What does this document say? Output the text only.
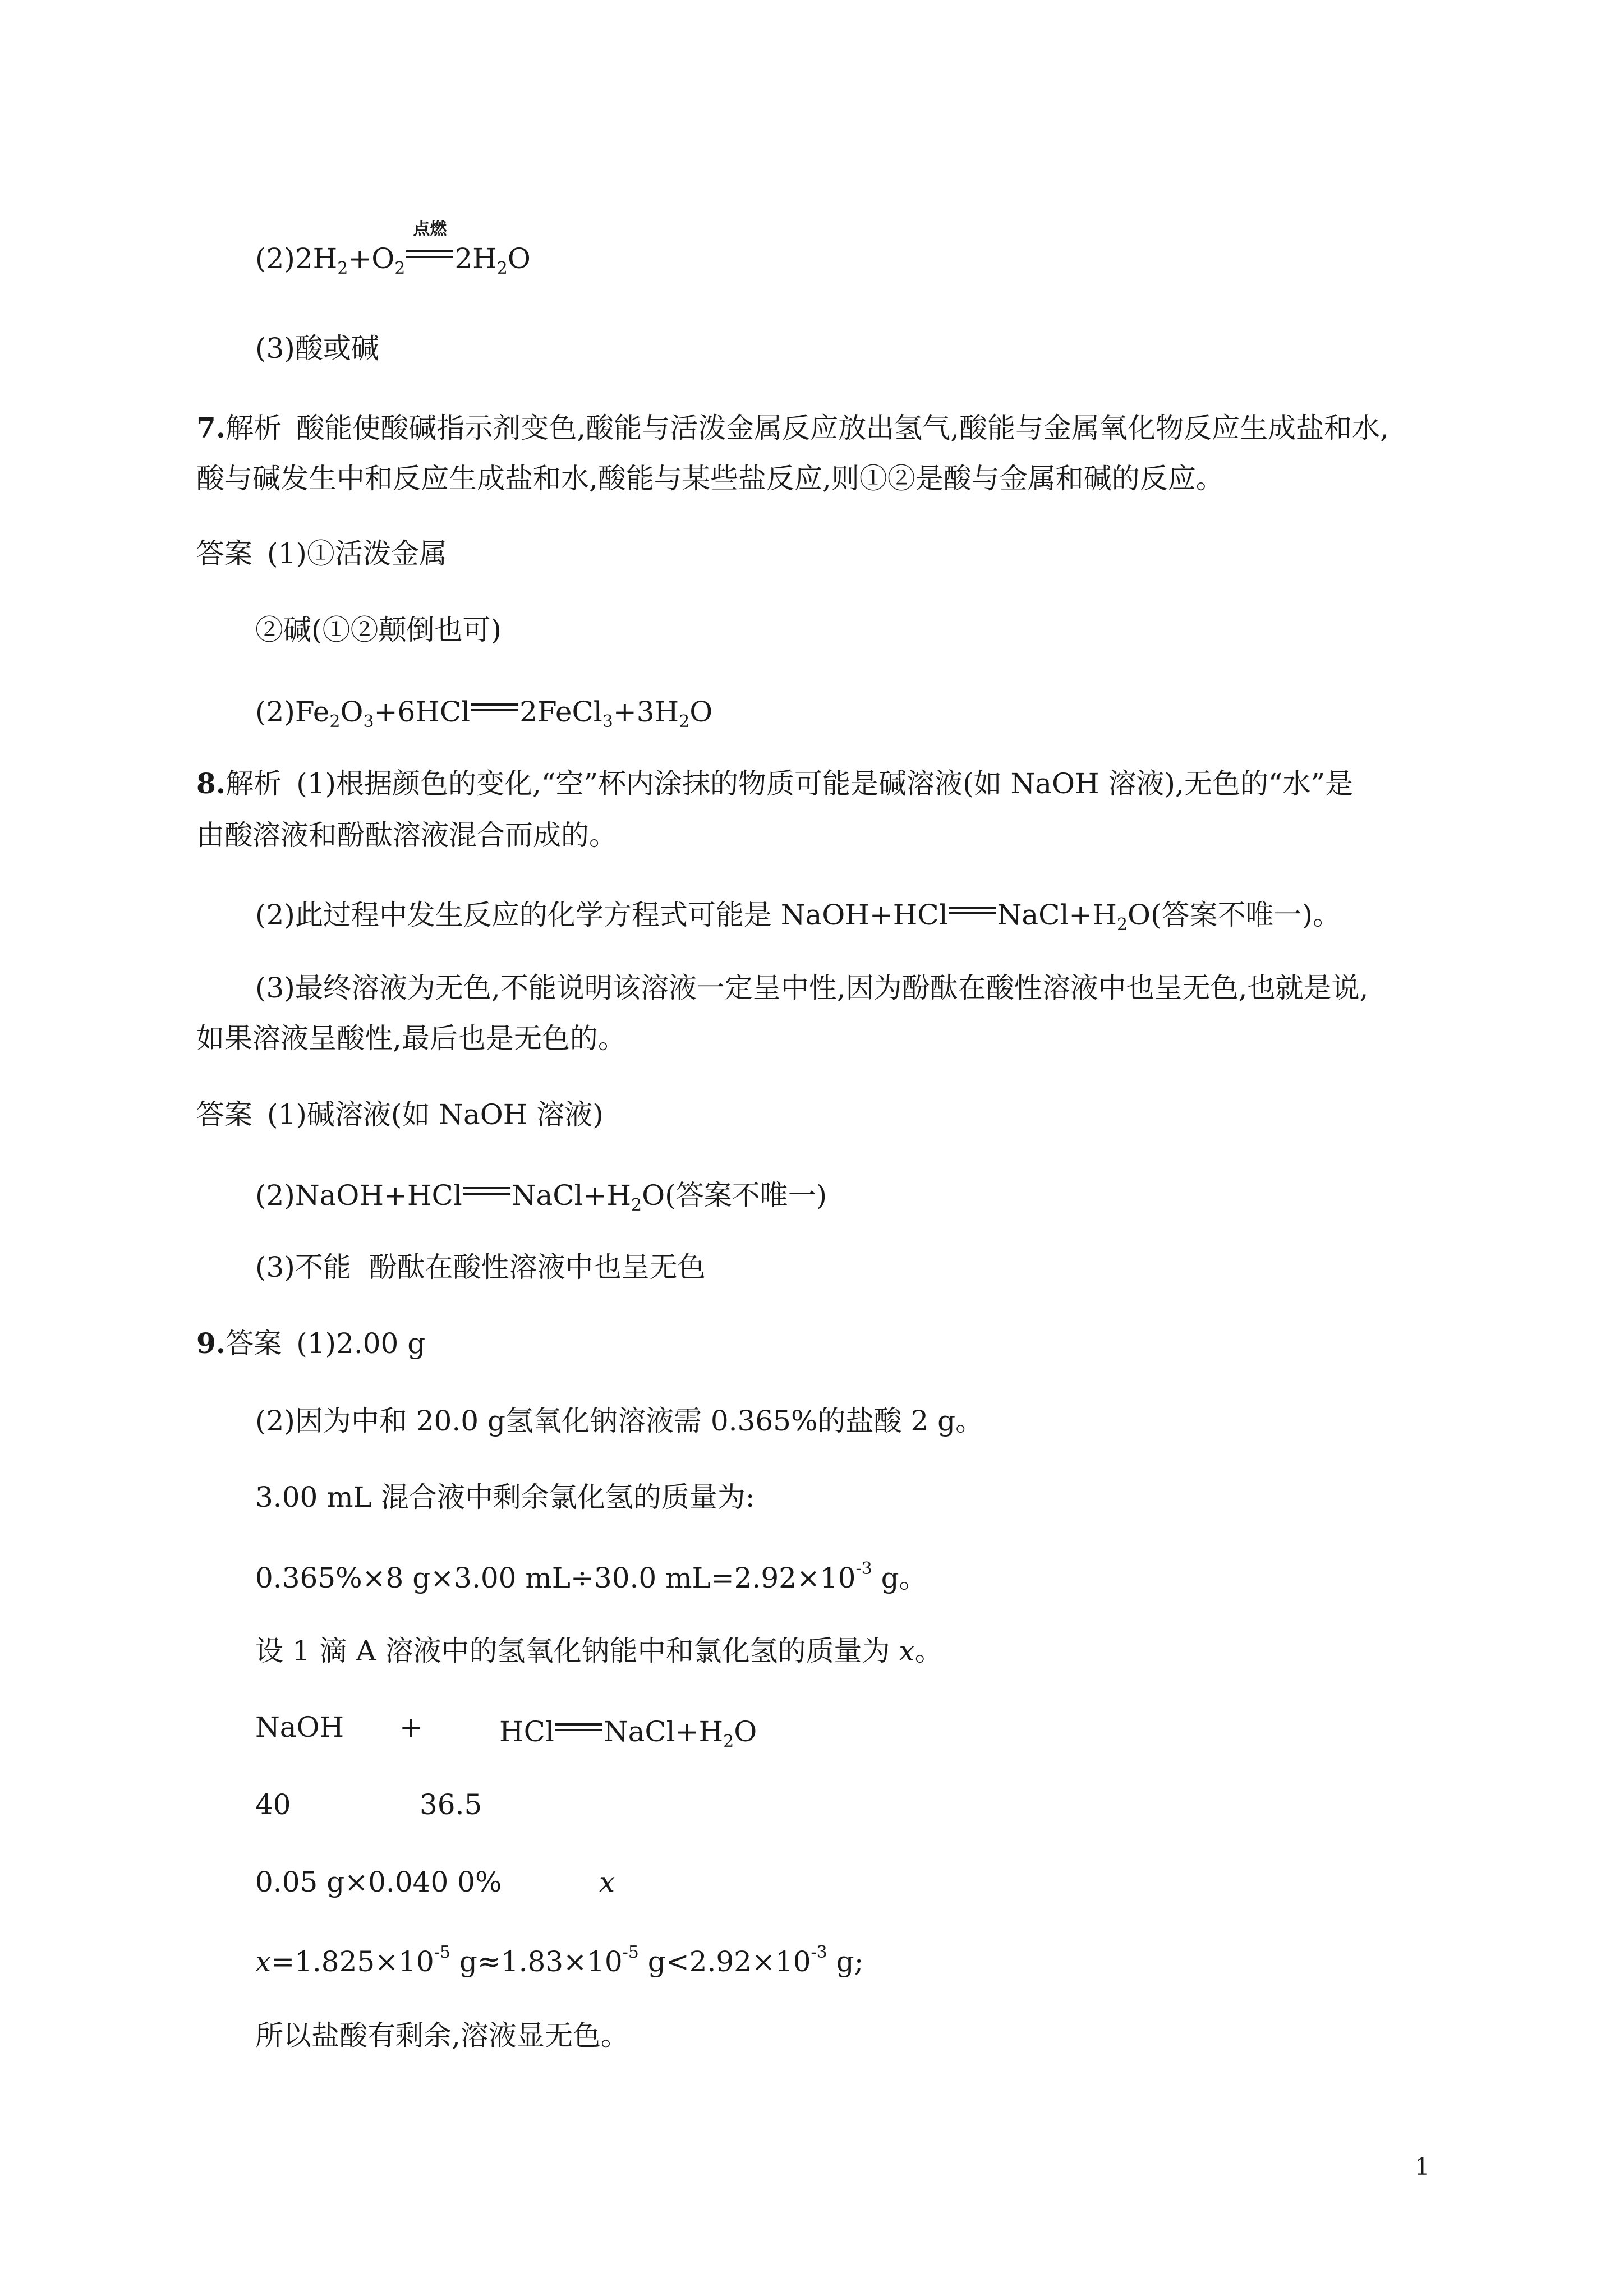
$(2)2H_2+O_2$
点燃
$2H_2O$
(3)酸或碱
7.解析 酸能使酸碱指示剂变色,酸能与活泼金属反应放出氢气,酸能与金属氧化物反应生成盐和水,
酸与碱发生中和反应生成盐和水,酸能与某些盐反应,则①②是酸与金属和碱的反应。
答案 (1)①活泼金属
②碱(①②颠倒也可)
$(2)Fe_2O_3+6HCl$ $2FeCl_3+3H_2O$
8.解析 (1)根据颜色的变化,“空”杯内涂抹的物质可能是碱溶液(如 NaOH 溶液),无色的“水”是
由酸溶液和酚酞溶液混合而成的。
(2)此过程中发生反应的化学方程式可能是 NaOH+HCl $NaCl+H_2O$(答案不唯一)。
(3)最终溶液为无色,不能说明该溶液一定呈中性,因为酚酞在酸性溶液中也呈无色,也就是说,
如果溶液呈酸性,最后也是无色的。
答案 (1)碱溶液(如 NaOH 溶液)
(2)NaOH+HCl $NaCl+H_2O$(答案不唯一)
(3)不能  酚酞在酸性溶液中也呈无色
9.答案 (1)2.00 g
(2)因为中和 20.0 g氢氧化钠溶液需 0.365%的盐酸 2 g。
3.00 mL 混合液中剩余氯化氢的质量为:
0.365%×8 g×3.00 mL÷30.0 $mL=2.92\times 10^{-3}$ g。
设 1 滴 A 溶液中的氢氧化钠能中和氯化氢的质量为 x。
NaOH +	HCl $NaCl+H_2O$
40	36.5
0.05 g×0.040 0%	x
$x=1.825\times 10^{-5}$ $g\approx 1.83\times 10^{-5}$ $g<2.92\times 10^{-3}$ g;
所以盐酸有剩余,溶液显无色。
1
